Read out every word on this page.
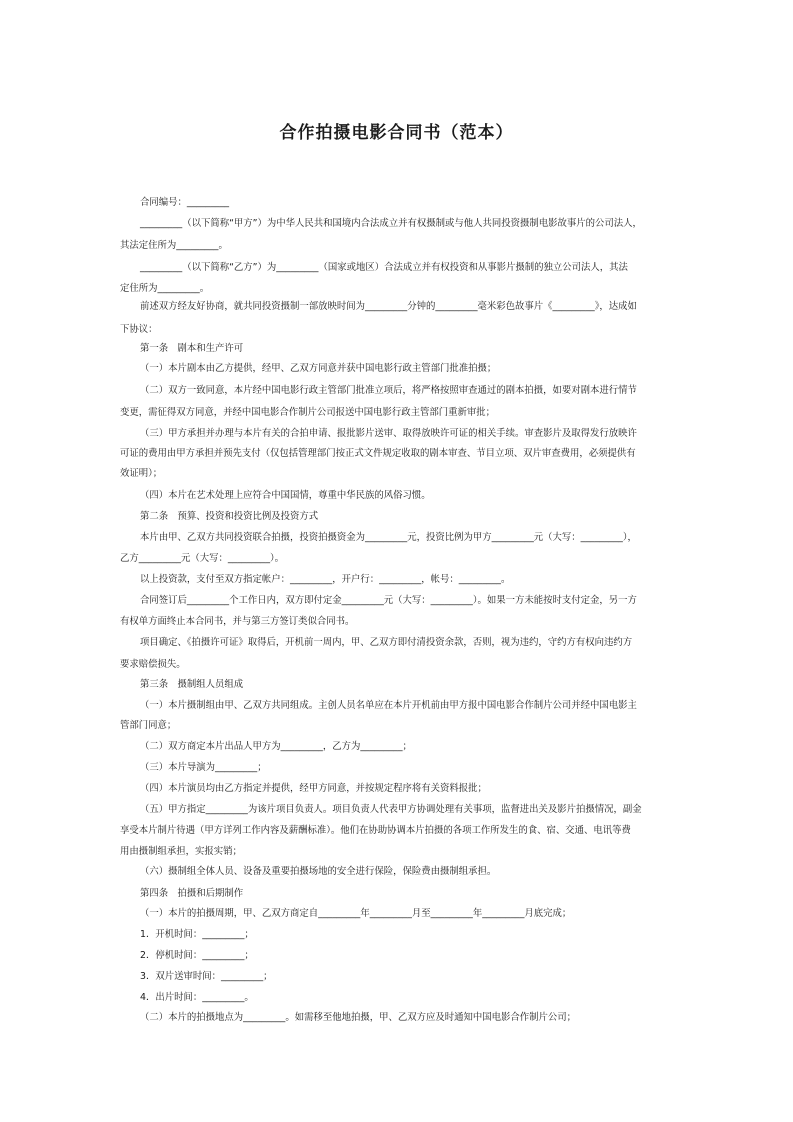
合作拍摄电影合同书（范本）
合同编号：_________
_________（以下简称“甲方”）为中华人民共和国境内合法成立并有权摄制或与他人共同投资摄制电影故事片的公司法人，
其法定住所为_________。
_________（以下简称“乙方”）为_________（国家或地区）合法成立并有权投资和从事影片摄制的独立公司法人，其法
定住所为_________。
前述双方经友好协商，就共同投资摄制一部放映时间为_________分钟的_________毫米彩色故事片《_________》，达成如
下协议：
第一条　剧本和生产许可
（一）本片剧本由乙方提供，经甲、乙双方同意并获中国电影行政主管部门批准拍摄；
（二）双方一致同意，本片经中国电影行政主管部门批准立项后，将严格按照审查通过的剧本拍摄，如要对剧本进行情节
变更，需征得双方同意，并经中国电影合作制片公司报送中国电影行政主管部门重新审批；
（三）甲方承担并办理与本片有关的合拍申请、报批影片送审、取得放映许可证的相关手续。审查影片及取得发行放映许
可证的费用由甲方承担并预先支付（仅包括管理部门按正式文件规定收取的剧本审查、节目立项、双片审查费用，必须提供有
效证明）；
（四）本片在艺术处理上应符合中国国情，尊重中华民族的风俗习惯。
第二条　预算、投资和投资比例及投资方式
本片由甲、乙双方共同投资联合拍摄，投资拍摄资金为_________元，投资比例为甲方_________元（大写：_________），
乙方_________元（大写：_________）。
以上投资款，支付至双方指定帐户：_________，开户行：_________，帐号：_________。
合同签订后_________个工作日内，双方即付定金_________元（大写：_________）。如果一方未能按时支付定金，另一方
有权单方面终止本合同书，并与第三方签订类似合同书。
项目确定、《拍摄许可证》取得后，开机前一周内，甲、乙双方即付清投资余款，否则，视为违约，守约方有权向违约方
要求赔偿损失。
第三条　摄制组人员组成
（一）本片摄制组由甲、乙双方共同组成。主创人员名单应在本片开机前由甲方报中国电影合作制片公司并经中国电影主
管部门同意；
（二）双方商定本片出品人甲方为_________，乙方为_________；
（三）本片导演为_________；
（四）本片演员均由乙方指定并提供，经甲方同意，并按规定程序将有关资料报批；
（五）甲方指定_________为该片项目负责人。项目负责人代表甲方协调处理有关事项，监督进出关及影片拍摄情况，副金
享受本片制片待遇（甲方详列工作内容及薪酬标准）。他们在协助协调本片拍摄的各项工作所发生的食、宿、交通、电讯等费
用由摄制组承担，实报实销；
（六）摄制组全体人员、设备及重要拍摄场地的安全进行保险，保险费由摄制组承担。
第四条　拍摄和后期制作
（一）本片的拍摄周期，甲、乙双方商定自_________年_________月至_________年_________月底完成；
1．开机时间：_________；
2．停机时间：_________；
3．双片送审时间：_________；
4．出片时间：_________。
（二）本片的拍摄地点为_________。如需移至他地拍摄，甲、乙双方应及时通知中国电影合作制片公司；
